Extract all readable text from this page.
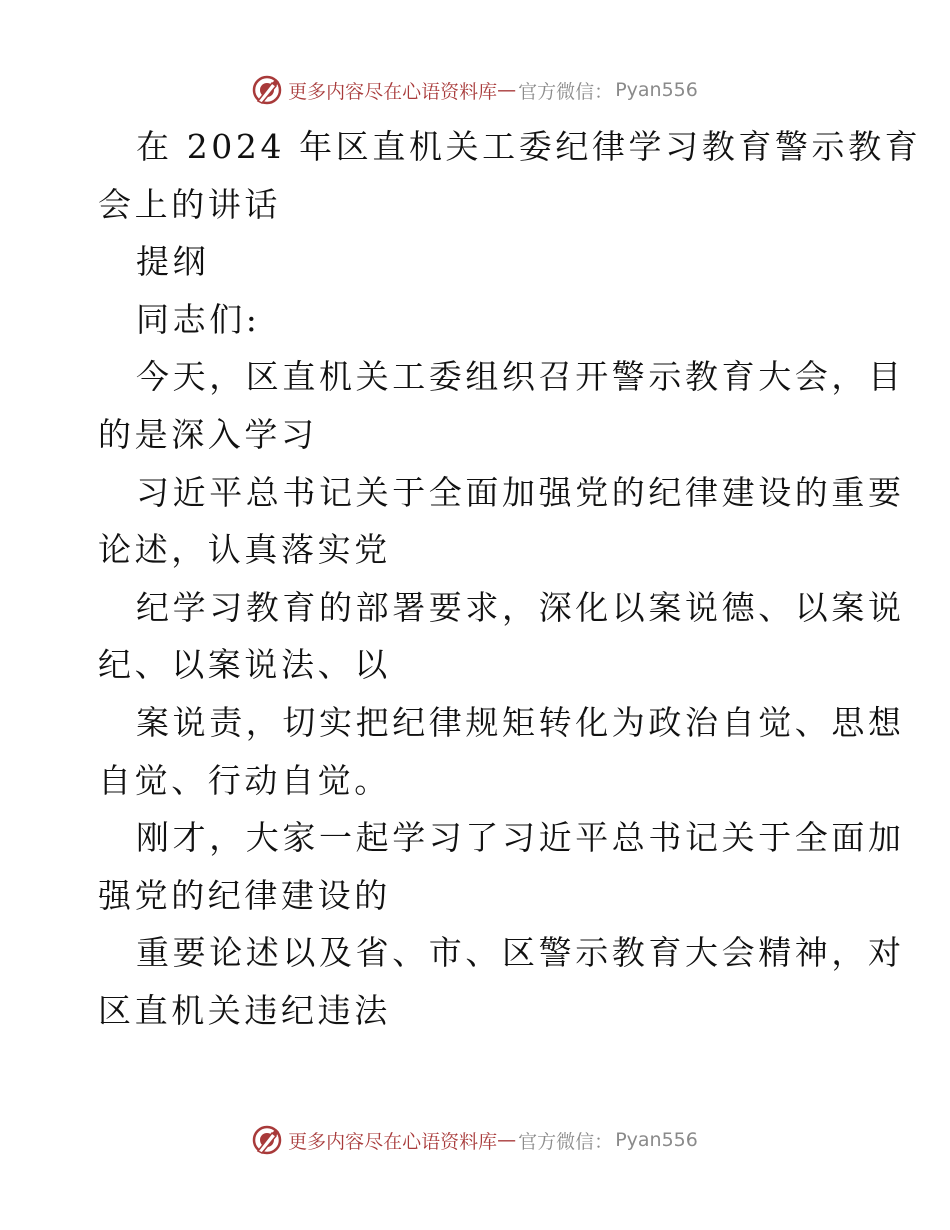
更多内容尽在心语资料库 — 官方微信： Pyan556
在 2024 年区直机关工委纪律学习教育警示教育
会上的讲话
提纲
同志们:
今天，区直机关工委组织召开警示教育大会，目
的是深入学习
习近平总书记关于全面加强党的纪律建设的重要
论述，认真落实党
纪学习教育的部署要求，深化以案说德、以案说
纪、以案说法、以
案说责，切实把纪律规矩转化为政治自觉、思想
自觉、行动自觉。
刚才，大家一起学习了习近平总书记关于全面加
强党的纪律建设的
重要论述以及省、市、区警示教育大会精神，对
区直机关违纪违法
更多内容尽在心语资料库 — 官方微信： Pyan556
